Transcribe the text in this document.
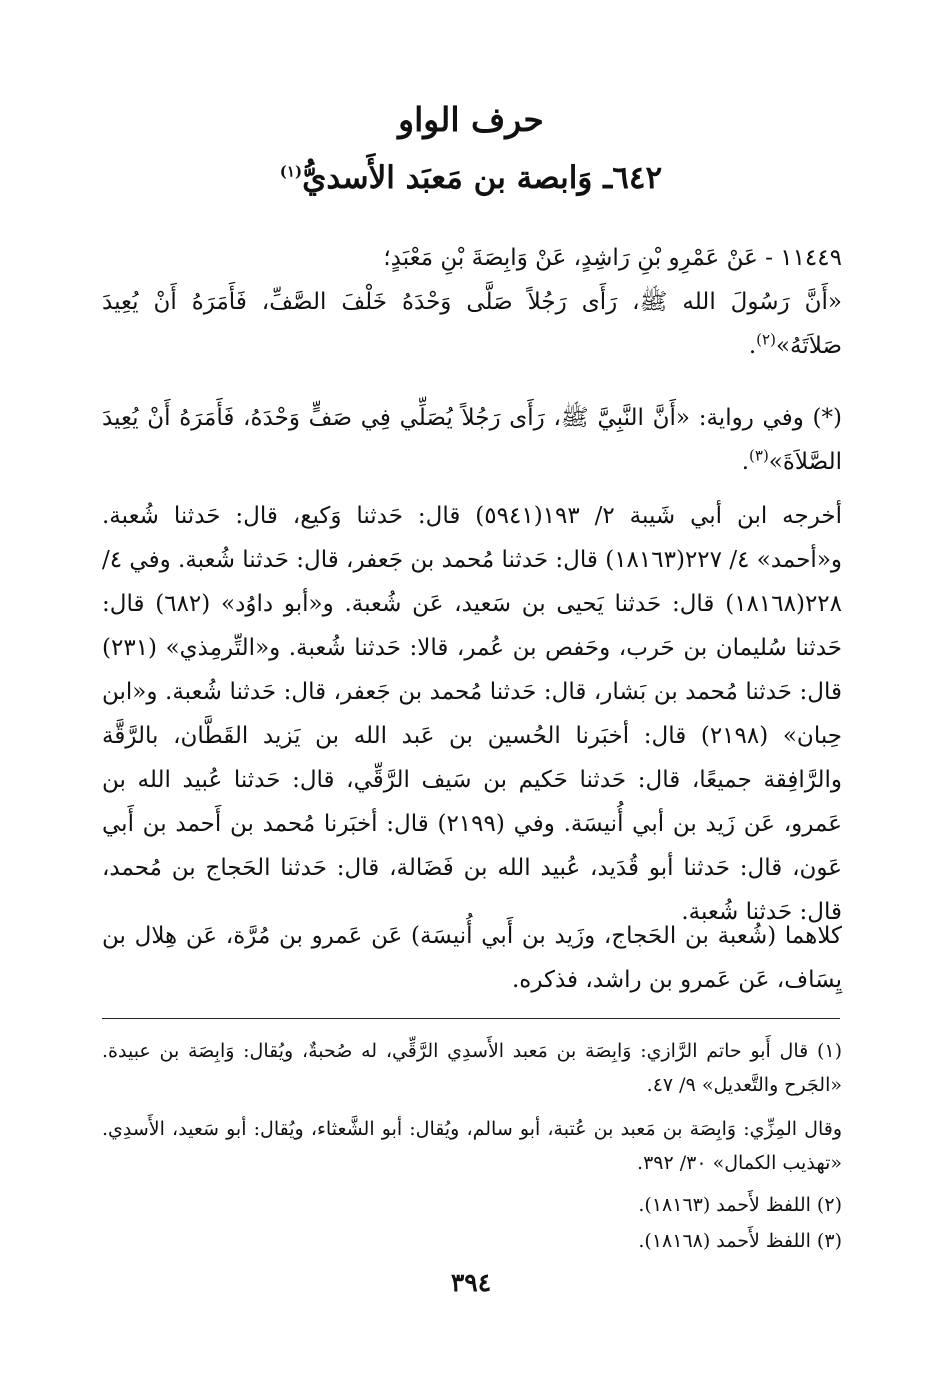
حرف الواو
٦٤٢ـ وَابصة بن مَعبَد الأَسديُّ$^{(١)}$
١١٤٤٩ - عَنْ عَمْرِو بْنِ رَاشِدٍ، عَنْ وَابِصَةَ بْنِ مَعْبَدٍ؛
«أَنَّ رَسُولَ الله ﷺ، رَأَى رَجُلاً صَلَّى وَحْدَهُ خَلْفَ الصَّفِّ، فَأَمَرَهُ أَنْ يُعِيدَ صَلاَتَهُ»$^{(٢)}$.
(*) وفي رواية: «أَنَّ النَّبِيَّ ﷺ، رَأَى رَجُلاً يُصَلِّي فِي صَفٍّ وَحْدَهُ، فَأَمَرَهُ أَنْ يُعِيدَ الصَّلاَةَ»$^{(٣)}$.
أخرجه ابن أبي شَيبة ٢/ ١٩٣(٥٩٤١) قال: حَدثنا وَكيع، قال: حَدثنا شُعبة. و«أحمد» ٤/ ٢٢٧(١٨١٦٣) قال: حَدثنا مُحمد بن جَعفر، قال: حَدثنا شُعبة. وفي ٤/ ٢٢٨(١٨١٦٨) قال: حَدثنا يَحيى بن سَعيد، عَن شُعبة. و«أبو داوُد» (٦٨٢) قال: حَدثنا سُليمان بن حَرب، وحَفص بن عُمر، قالا: حَدثنا شُعبة. و«التِّرمِذي» (٢٣١) قال: حَدثنا مُحمد بن بَشار، قال: حَدثنا مُحمد بن جَعفر، قال: حَدثنا شُعبة. و«ابن حِبان» (٢١٩٨) قال: أخبَرنا الحُسين بن عَبد الله بن يَزيد القَطَّان، بالرَّقَّة والرَّافِقة جميعًا، قال: حَدثنا حَكيم بن سَيف الرَّقِّي، قال: حَدثنا عُبيد الله بن عَمرو، عَن زَيد بن أبي أُنيسَة. وفي (٢١٩٩) قال: أخبَرنا مُحمد بن أَحمد بن أَبي عَون، قال: حَدثنا أبو قُدَيد، عُبيد الله بن فَضَالة، قال: حَدثنا الحَجاج بن مُحمد، قال: حَدثنا شُعبة.
كلاهما (شُعبة بن الحَجاج، وزَيد بن أَبي أُنيسَة) عَن عَمرو بن مُرَّة، عَن هِلال بن يِسَاف، عَن عَمرو بن راشد، فذكره.
(١) قال أَبو حاتم الرَّازي: وَابِصَة بن مَعبد الأَسدِي الرَّقِّي، له صُحبةٌ، ويُقال: وَابِصَة بن عبيدة. «الجَرح والتَّعديل» ٩/ ٤٧.
وقال المِزِّي: وَابِصَة بن مَعبد بن عُتبة، أبو سالم، ويُقال: أبو الشَّعثاء، ويُقال: أبو سَعيد، الأَسدِي. «تهذيب الكمال» ٣٠/ ٣٩٢.
(٢) اللفظ لأَحمد (١٨١٦٣).
(٣) اللفظ لأَحمد (١٨١٦٨).
٣٩٤
